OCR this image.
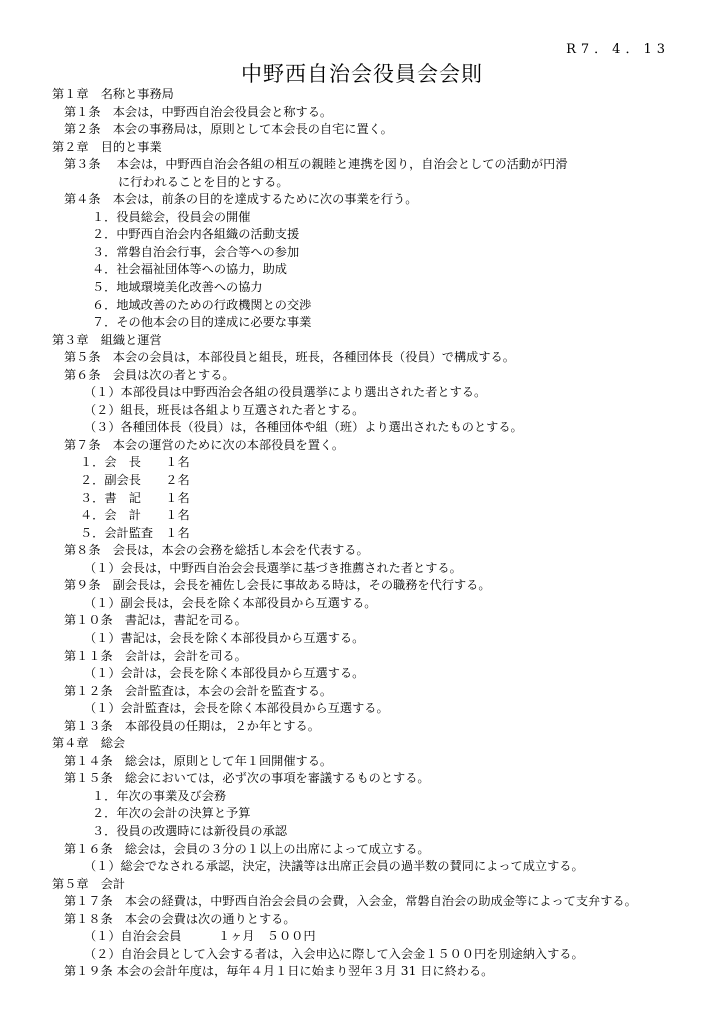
R7．4．13
中野西自治会役員会会則
第１章　名称と事務局
第１条　本会は，中野西自治会役員会と称する。
第２条　本会の事務局は，原則として本会長の自宅に置く。
第２章　目的と事業
第３条　 本会は，中野西自治会各組の相互の親睦と連携を図り，自治会としての活動が円滑
に行われることを目的とする。
第４条　本会は，前条の目的を達成するために次の事業を行う。
１．役員総会，役員会の開催
２．中野西自治会内各組織の活動支援
３．常磐自治会行事，会合等への参加
４．社会福祉団体等への協力，助成
５．地域環境美化改善への協力
６．地域改善のための行政機関との交渉
７．その他本会の目的達成に必要な事業
第３章　組織と運営
第５条　本会の会員は，本部役員と組長，班長，各種団体長（役員）で構成する。
第６条　会員は次の者とする。
（１）本部役員は中野西治会各組の役員選挙により選出された者とする。
（２）組長，班長は各組より互選された者とする。
（３）各種団体長（役員）は，各種団体や組（班）より選出されたものとする。
第７条　本会の運営のために次の本部役員を置く。
１．会　長　　１名
２．副会長　　２名
３．書　記　　１名
４．会　計　　１名
５．会計監査　１名
第８条　会長は，本会の会務を総括し本会を代表する。
（１）会長は，中野西自治会会長選挙に基づき推薦された者とする。
第９条　副会長は，会長を補佐し会長に事故ある時は，その職務を代行する。
（１）副会長は，会長を除く本部役員から互選する。
第１０条　書記は，書記を司る。
（１）書記は，会長を除く本部役員から互選する。
第１１条　会計は，会計を司る。
（１）会計は，会長を除く本部役員から互選する。
第１２条　会計監査は，本会の会計を監査する。
（１）会計監査は，会長を除く本部役員から互選する。
第１３条　本部役員の任期は，２か年とする。
第４章　総会
第１４条　総会は，原則として年１回開催する。
第１５条　総会においては，必ず次の事項を審議するものとする。
１．年次の事業及び会務
２．年次の会計の決算と予算
３．役員の改選時には新役員の承認
第１６条　総会は，会員の３分の１以上の出席によって成立する。
（１）総会でなされる承認，決定，決議等は出席正会員の過半数の賛同によって成立する。
第５章　会計
第１７条　本会の経費は，中野西自治会会員の会費，入会金，常磐自治会の助成金等によって支弁する。
第１８条　本会の会費は次の通りとする。
（１）自治会会員　　　１ヶ月　５００円
（２）自治会員として入会する者は，入会申込に際して入会金１５００円を別途納入する。
第１９条 本会の会計年度は，毎年４月１日に始まり翌年３月 31 日に終わる。
